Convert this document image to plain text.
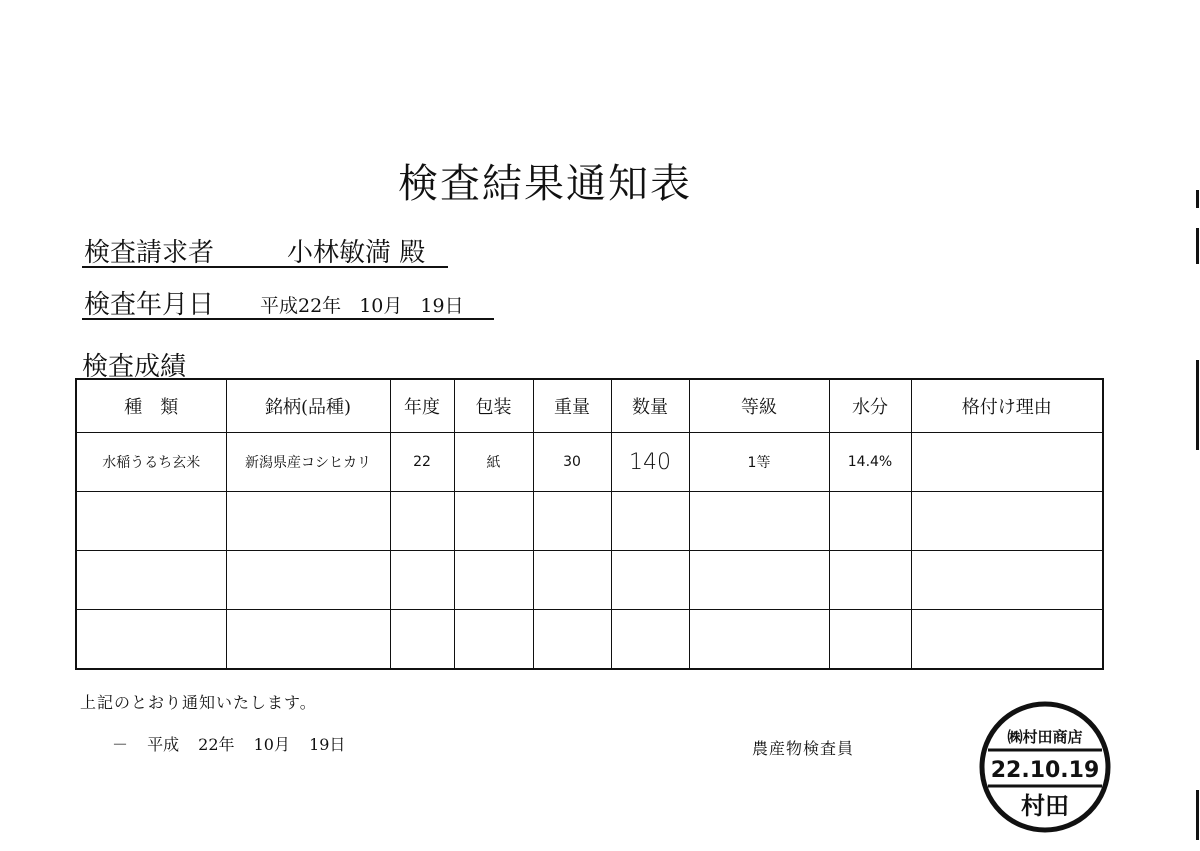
検査結果通知表
検査請求者	小林敏満 殿
検査年月日 平成22年 10月 19日
検査成績
種　類	銘柄(品種)	年度	包装	重量	数量	等級	水分	格付け理由
水稲うるち玄米	新潟県産コシヒカリ	22	紙	30	140	1等	14.4%	

上記のとおり通知いたします。
－ 平成 22年 10月 19日	農産物検査員
㈱村田商店
22.10.19
村田
